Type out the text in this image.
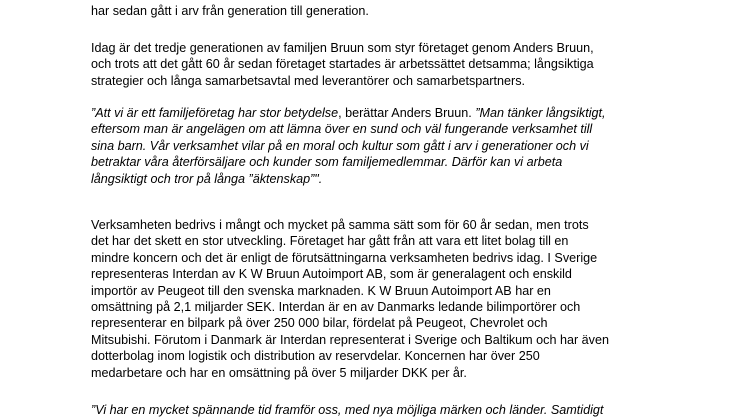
har sedan gått i arv från generation till generation.

Idag är det tredje generationen av familjen Bruun som styr företaget genom Anders Bruun,
och trots att det gått 60 år sedan företaget startades är arbetssättet detsamma; långsiktiga
strategier och långa samarbetsavtal med leverantörer och samarbetspartners.

”Att vi är ett familjeföretag har stor betydelse, berättar Anders Bruun. ”Man tänker långsiktigt,
eftersom man är angelägen om att lämna över en sund och väl fungerande verksamhet till
sina barn. Vår verksamhet vilar på en moral och kultur som gått i arv i generationer och vi
betraktar våra återförsäljare och kunder som familjemedlemmar. Därför kan vi arbeta
långsiktigt och tror på långa ”äktenskap”".

Verksamheten bedrivs i mångt och mycket på samma sätt som för 60 år sedan, men trots
det har det skett en stor utveckling. Företaget har gått från att vara ett litet bolag till en
mindre koncern och det är enligt de förutsättningarna verksamheten bedrivs idag. I Sverige
representeras Interdan av K W Bruun Autoimport AB, som är generalagent och enskild
importör av Peugeot till den svenska marknaden. K W Bruun Autoimport AB har en
omsättning på 2,1 miljarder SEK. Interdan är en av Danmarks ledande bilimportörer och
representerar en bilpark på över 250 000 bilar, fördelat på Peugeot, Chevrolet och
Mitsubishi. Förutom i Danmark är Interdan representerat i Sverige och Baltikum och har även
dotterbolag inom logistik och distribution av reservdelar. Koncernen har över 250
medarbetare och har en omsättning på över 5 miljarder DKK per år.

”Vi har en mycket spännande tid framför oss, med nya möjliga märken och länder. Samtidigt
